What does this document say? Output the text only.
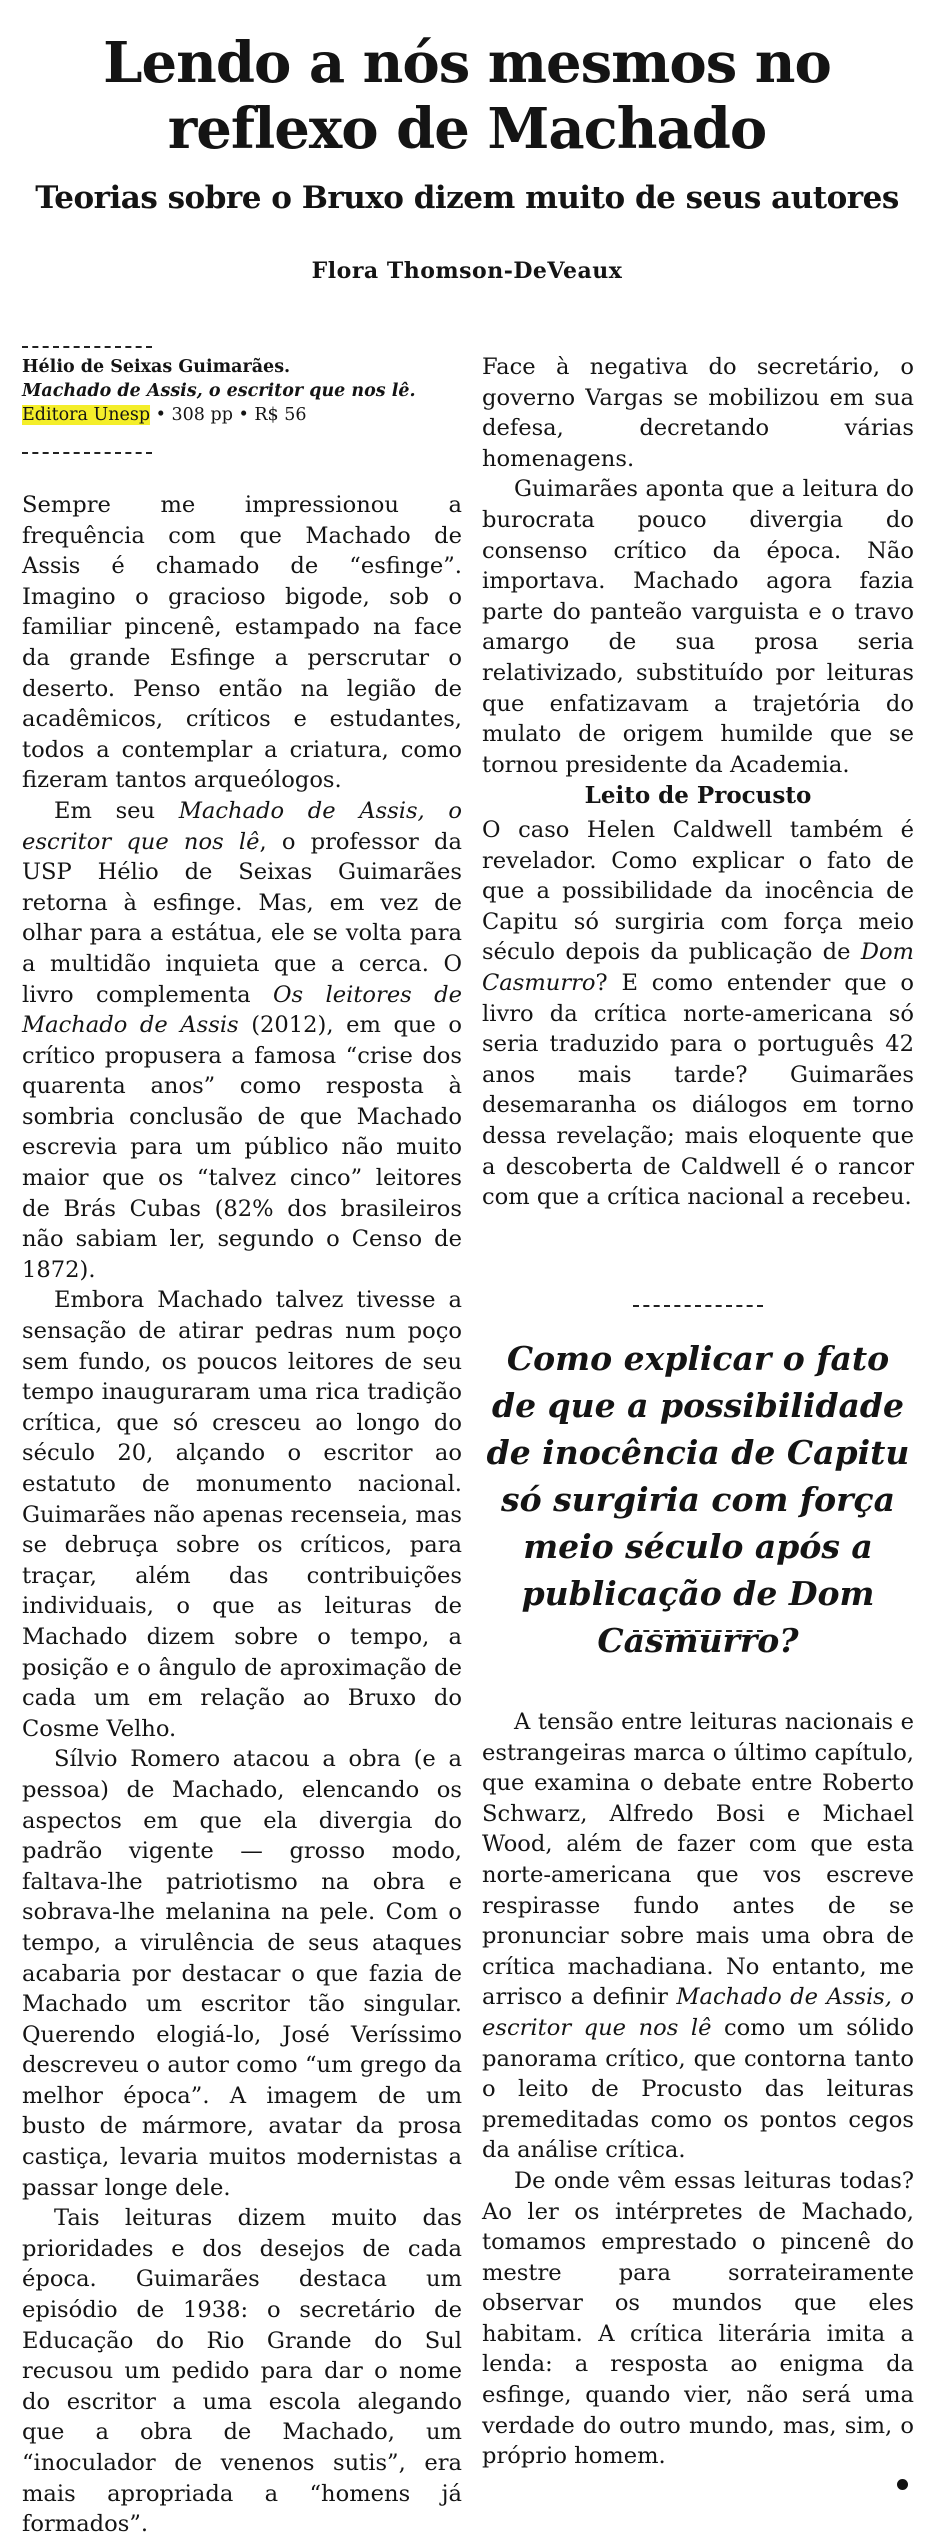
Lendo a nós mesmos no
reflexo de Machado
Teorias sobre o Bruxo dizem muito de seus autores
Flora Thomson-DeVeaux
Hélio de Seixas Guimarães.
Machado de Assis, o escritor que nos lê.
Editora Unesp • 308 pp • R$ 56

Sempre me impressionou a frequência com que Machado de Assis é chamado de “esfinge”. Imagino o gracioso bigode, sob o familiar pincenê, estampado na face da grande Esfinge a perscrutar o deserto. Penso então na legião de acadêmicos, críticos e estudantes, todos a contemplar a criatura, como fizeram tantos arqueólogos.

Em seu Machado de Assis, o escritor que nos lê, o professor da USP Hélio de Seixas Guimarães retorna à esfinge. Mas, em vez de olhar para a estátua, ele se volta para a multidão inquieta que a cerca. O livro complementa Os leitores de Machado de Assis (2012), em que o crítico propusera a famosa “crise dos quarenta anos” como resposta à sombria conclusão de que Machado escrevia para um público não muito maior que os “talvez cinco” leitores de Brás Cubas (82% dos brasileiros não sabiam ler, segundo o Censo de 1872).

Embora Machado talvez tivesse a sensação de atirar pedras num poço sem fundo, os poucos leitores de seu tempo inauguraram uma rica tradição crítica, que só cresceu ao longo do século 20, alçando o escritor ao estatuto de monumento nacional. Guimarães não apenas recenseia, mas se debruça sobre os críticos, para traçar, além das contribuições individuais, o que as leituras de Machado dizem sobre o tempo, a posição e o ângulo de aproximação de cada um em relação ao Bruxo do Cosme Velho.

Sílvio Romero atacou a obra (e a pessoa) de Machado, elencando os aspectos em que ela divergia do padrão vigente — grosso modo, faltava-lhe patriotismo na obra e sobrava-lhe melanina na pele. Com o tempo, a virulência de seus ataques acabaria por destacar o que fazia de Machado um escritor tão singular. Querendo elogiá-lo, José Veríssimo descreveu o autor como “um grego da melhor época”. A imagem de um busto de mármore, avatar da prosa castiça, levaria muitos modernistas a passar longe dele.

Tais leituras dizem muito das prioridades e dos desejos de cada época. Guimarães destaca um episódio de 1938: o secretário de Educação do Rio Grande do Sul recusou um pedido para dar o nome do escritor a uma escola alegando que a obra de Machado, um “inoculador de venenos sutis”, era mais apropriada a “homens já formados”.

Face à negativa do secretário, o governo Vargas se mobilizou em sua defesa, decretando várias homenagens.

Guimarães aponta que a leitura do burocrata pouco divergia do consenso crítico da época. Não importava. Machado agora fazia parte do panteão varguista e o travo amargo de sua prosa seria relativizado, substituído por leituras que enfatizavam a trajetória do mulato de origem humilde que se tornou presidente da Academia.

Leito de Procusto

O caso Helen Caldwell também é revelador. Como explicar o fato de que a possibilidade da inocência de Capitu só surgiria com força meio século depois da publicação de Dom Casmurro? E como entender que o livro da crítica norte-americana só seria traduzido para o português 42 anos mais tarde? Guimarães desemaranha os diálogos em torno dessa revelação; mais eloquente que a descoberta de Caldwell é o rancor com que a crítica nacional a recebeu.

Como explicar o fato de que a possibilidade de inocência de Capitu só surgiria com força meio século após a publicação de Dom Casmurro?

A tensão entre leituras nacionais e estrangeiras marca o último capítulo, que examina o debate entre Roberto Schwarz, Alfredo Bosi e Michael Wood, além de fazer com que esta norte-americana que vos escreve respirasse fundo antes de se pronunciar sobre mais uma obra de crítica machadiana. No entanto, me arrisco a definir Machado de Assis, o escritor que nos lê como um sólido panorama crítico, que contorna tanto o leito de Procusto das leituras premeditadas como os pontos cegos da análise crítica.

De onde vêm essas leituras todas? Ao ler os intérpretes de Machado, tomamos emprestado o pincenê do mestre para sorrateiramente observar os mundos que eles habitam. A crítica literária imita a lenda: a resposta ao enigma da esfinge, quando vier, não será uma verdade do outro mundo, mas, sim, o próprio homem.
